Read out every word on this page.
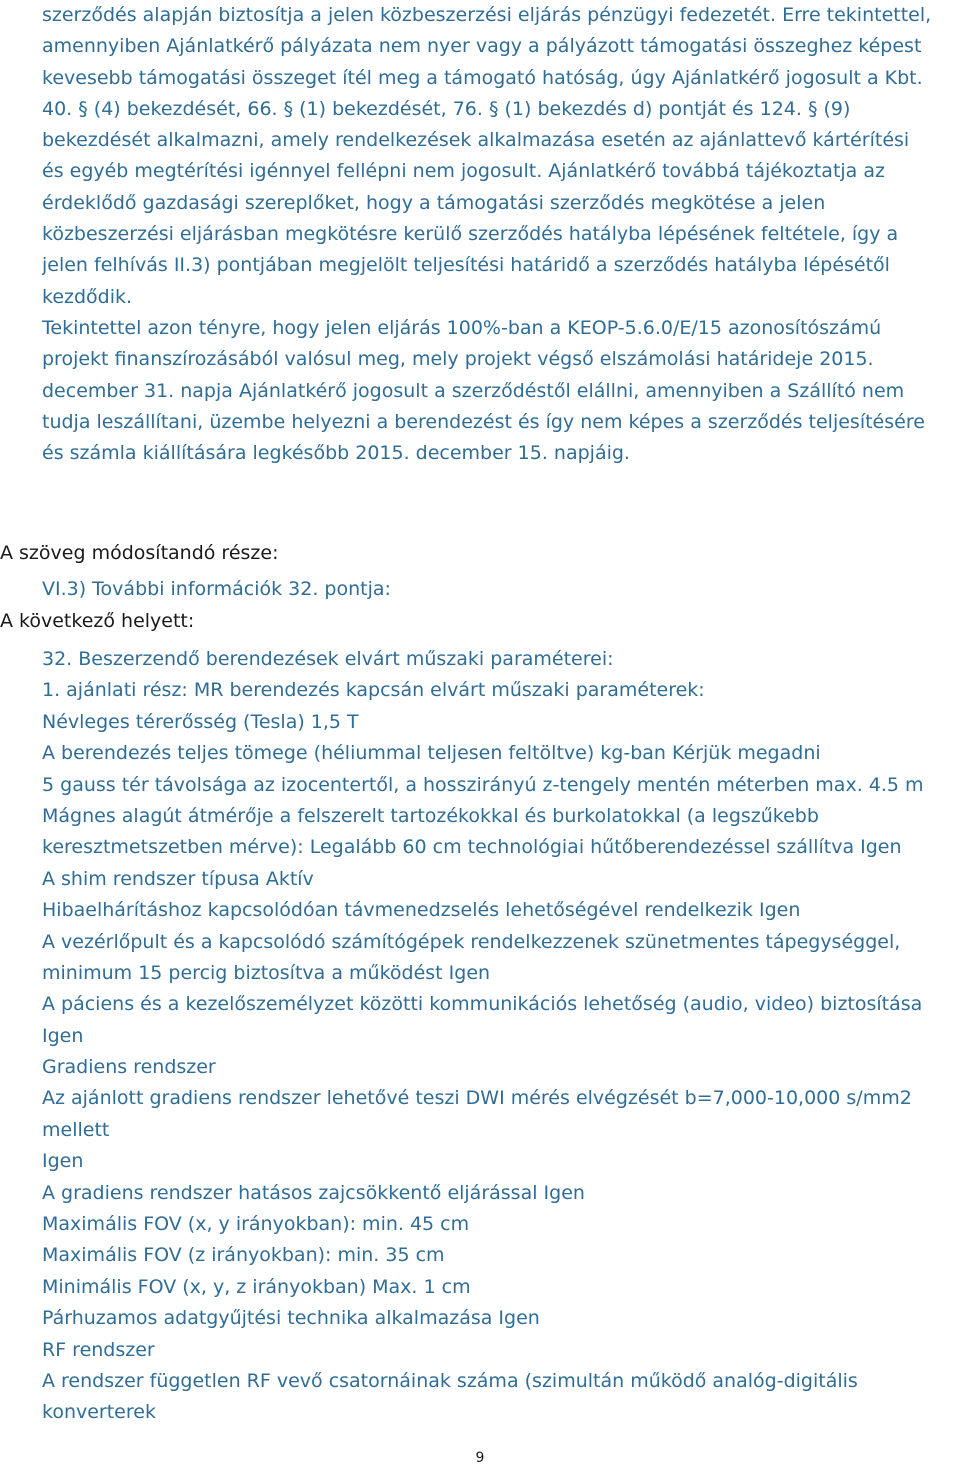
szerződés alapján biztosítja a jelen közbeszerzési eljárás pénzügyi fedezetét. Erre tekintettel,
amennyiben Ajánlatkérő pályázata nem nyer vagy a pályázott támogatási összeghez képest
kevesebb támogatási összeget ítél meg a támogató hatóság, úgy Ajánlatkérő jogosult a Kbt.
40. § (4) bekezdését, 66. § (1) bekezdését, 76. § (1) bekezdés d) pontját és 124. § (9)
bekezdését alkalmazni, amely rendelkezések alkalmazása esetén az ajánlattevő kártérítési
és egyéb megtérítési igénnyel fellépni nem jogosult. Ajánlatkérő továbbá tájékoztatja az
érdeklődő gazdasági szereplőket, hogy a támogatási szerződés megkötése a jelen
közbeszerzési eljárásban megkötésre kerülő szerződés hatályba lépésének feltétele, így a
jelen felhívás II.3) pontjában megjelölt teljesítési határidő a szerződés hatályba lépésétől
kezdődik.
Tekintettel azon tényre, hogy jelen eljárás 100%-ban a KEOP-5.6.0/E/15 azonosítószámú
projekt finanszírozásából valósul meg, mely projekt végső elszámolási határideje 2015.
december 31. napja Ajánlatkérő jogosult a szerződéstől elállni, amennyiben a Szállító nem
tudja leszállítani, üzembe helyezni a berendezést és így nem képes a szerződés teljesítésére
és számla kiállítására legkésőbb 2015. december 15. napjáig.
A szöveg módosítandó része:
VI.3) További információk 32. pontja:
A következő helyett:
32. Beszerzendő berendezések elvárt műszaki paraméterei:
1. ajánlati rész: MR berendezés kapcsán elvárt műszaki paraméterek:
Névleges térerősség (Tesla) 1,5 T
A berendezés teljes tömege (héliummal teljesen feltöltve) kg-ban Kérjük megadni
5 gauss tér távolsága az izocentertől, a hosszirányú z-tengely mentén méterben max. 4.5 m
Mágnes alagút átmérője a felszerelt tartozékokkal és burkolatokkal (a legszűkebb
keresztmetszetben mérve): Legalább 60 cm technológiai hűtőberendezéssel szállítva Igen
A shim rendszer típusa Aktív
Hibaelhárításhoz kapcsolódóan távmenedzselés lehetőségével rendelkezik Igen
A vezérlőpult és a kapcsolódó számítógépek rendelkezzenek szünetmentes tápegységgel,
minimum 15 percig biztosítva a működést Igen
A páciens és a kezelőszemélyzet közötti kommunikációs lehetőség (audio, video) biztosítása
Igen
Gradiens rendszer
Az ajánlott gradiens rendszer lehetővé teszi DWI mérés elvégzését b=7,000-10,000 s/mm2
mellett
Igen
A gradiens rendszer hatásos zajcsökkentő eljárással Igen
Maximális FOV (x, y irányokban): min. 45 cm
Maximális FOV (z irányokban): min. 35 cm
Minimális FOV (x, y, z irányokban) Max. 1 cm
Párhuzamos adatgyűjtési technika alkalmazása Igen
RF rendszer
A rendszer független RF vevő csatornáinak száma (szimultán működő analóg-digitális
konverterek
9
